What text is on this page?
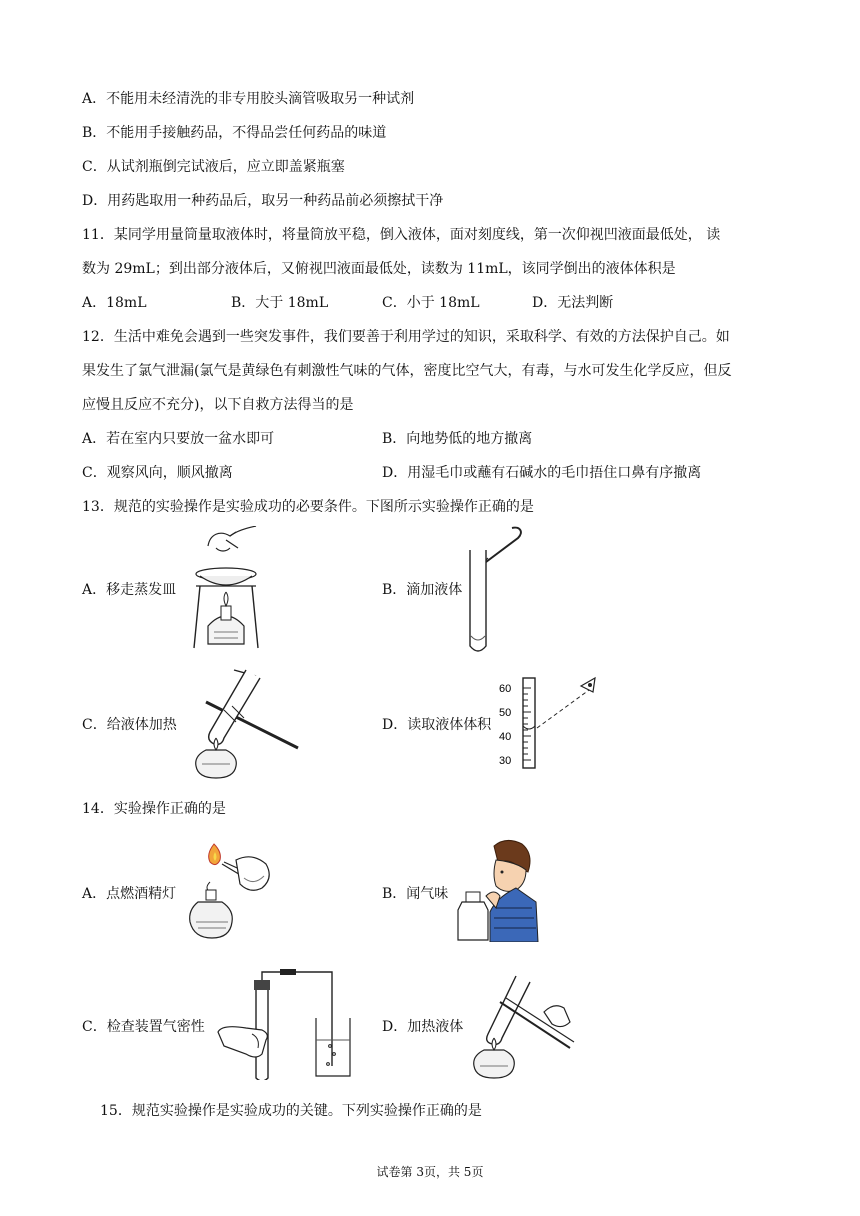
A．不能用未经清洗的非专用胶头滴管吸取另一种试剂
B．不能用手接触药品，不得品尝任何药品的味道
C．从试剂瓶倒完试液后，应立即盖紧瓶塞
D．用药匙取用一种药品后，取另一种药品前必须擦拭干净
11．某同学用量筒量取液体时，将量筒放平稳，倒入液体，面对刻度线，第一次仰视凹液面最低处， 读
数为 29mL；到出部分液体后，又俯视凹液面最低处，读数为 11mL，该同学倒出的液体体积是
A．18mL	B．大于 18mL	C．小于 18mL	D．无法判断
12．生活中难免会遇到一些突发事件，我们要善于利用学过的知识，采取科学、有效的方法保护自己。如
果发生了氯气泄漏(氯气是黄绿色有刺激性气味的气体，密度比空气大，有毒，与水可发生化学反应，但反
应慢且反应不充分)，以下自救方法得当的是
A．若在室内只要放一盆水即可	B．向地势低的地方撤离
C．观察风向，顺风撤离	D．用湿毛巾或蘸有石碱水的毛巾捂住口鼻有序撤离
13．规范的实验操作是实验成功的必要条件。下图所示实验操作正确的是
A．移走蒸发皿	B．滴加液体
C．给液体加热	D．读取液体体积
60
50
40
30
14．实验操作正确的是
A．点燃酒精灯	B．闻气味
C．检查装置气密性	D．加热液体
15．规范实验操作是实验成功的关键。下列实验操作正确的是
试卷第 3页，共 5页
